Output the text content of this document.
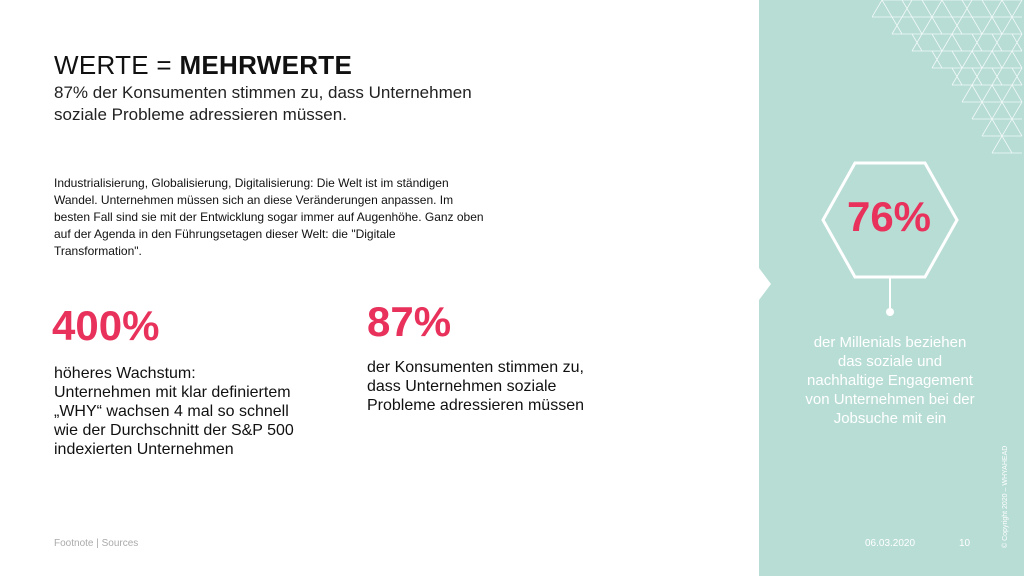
WERTE = MEHRWERTE
87% der Konsumenten stimmen zu, dass Unternehmen soziale Probleme adressieren müssen.
Industrialisierung, Globalisierung, Digitalisierung: Die Welt ist im ständigen Wandel. Unternehmen müssen sich an diese Veränderungen anpassen. Im besten Fall sind sie mit der Entwicklung sogar immer auf Augenhöhe. Ganz oben auf der Agenda in den Führungsetagen dieser Welt: die "Digitale Transformation".
400%
höheres Wachstum: Unternehmen mit klar definiertem „WHY“ wachsen 4 mal so schnell wie der Durchschnitt der S&P 500 indexierten Unternehmen
87%
der Konsumenten stimmen zu, dass Unternehmen soziale Probleme adressieren müssen
Footnote | Sources
76%
der Millenials beziehen das soziale und nachhaltige Engagement von Unternehmen bei der Jobsuche mit ein
06.03.2020	10	© Copyright 2020 – WHYAHEAD
